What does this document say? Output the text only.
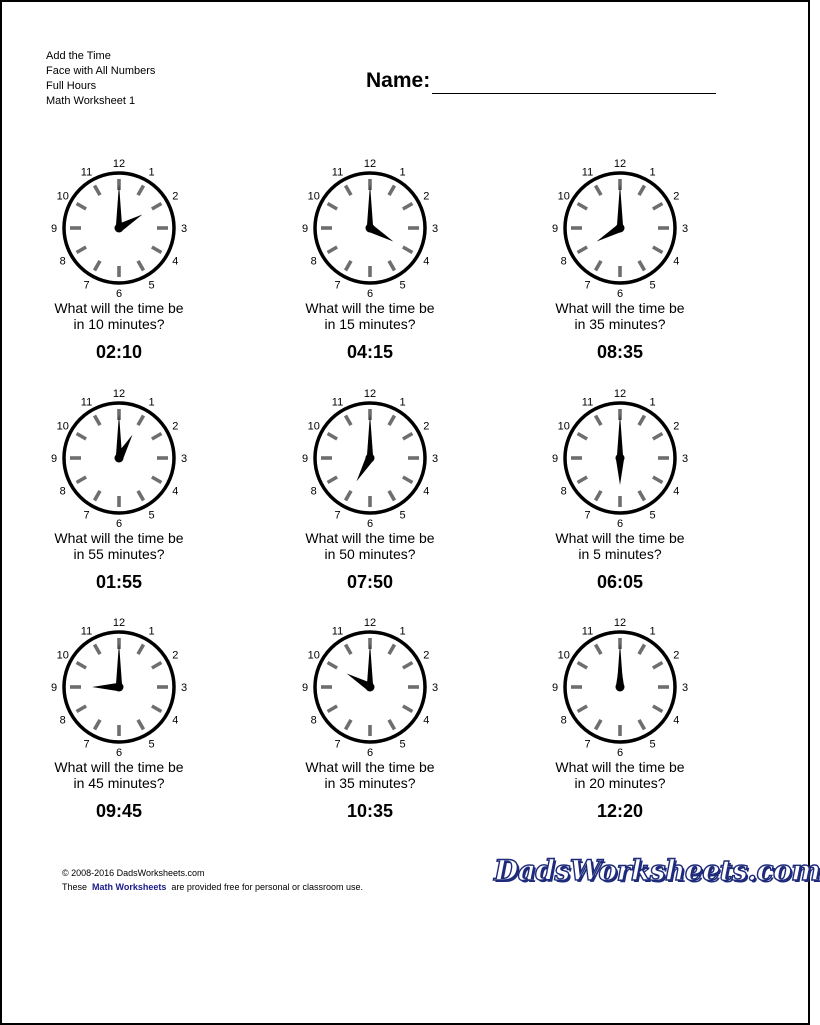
Add the Time
Face with All Numbers
Full Hours
Math Worksheet 1
Name:
12
1
2
3
4
5
6
7
8
9
10
11
What will the time be
in 10 minutes?
02:10
12
1
2
3
4
5
6
7
8
9
10
11
What will the time be
in 15 minutes?
04:15
12
1
2
3
4
5
6
7
8
9
10
11
What will the time be
in 35 minutes?
08:35
12
1
2
3
4
5
6
7
8
9
10
11
What will the time be
in 55 minutes?
01:55
12
1
2
3
4
5
6
7
8
9
10
11
What will the time be
in 50 minutes?
07:50
12
1
2
3
4
5
6
7
8
9
10
11
What will the time be
in 5 minutes?
06:05
12
1
2
3
4
5
6
7
8
9
10
11
What will the time be
in 45 minutes?
09:45
12
1
2
3
4
5
6
7
8
9
10
11
What will the time be
in 35 minutes?
10:35
12
1
2
3
4
5
6
7
8
9
10
11
What will the time be
in 20 minutes?
12:20
© 2008-2016 DadsWorksheets.com
These Math Worksheets are provided free for personal or classroom use.	DadsWorksheets.com
